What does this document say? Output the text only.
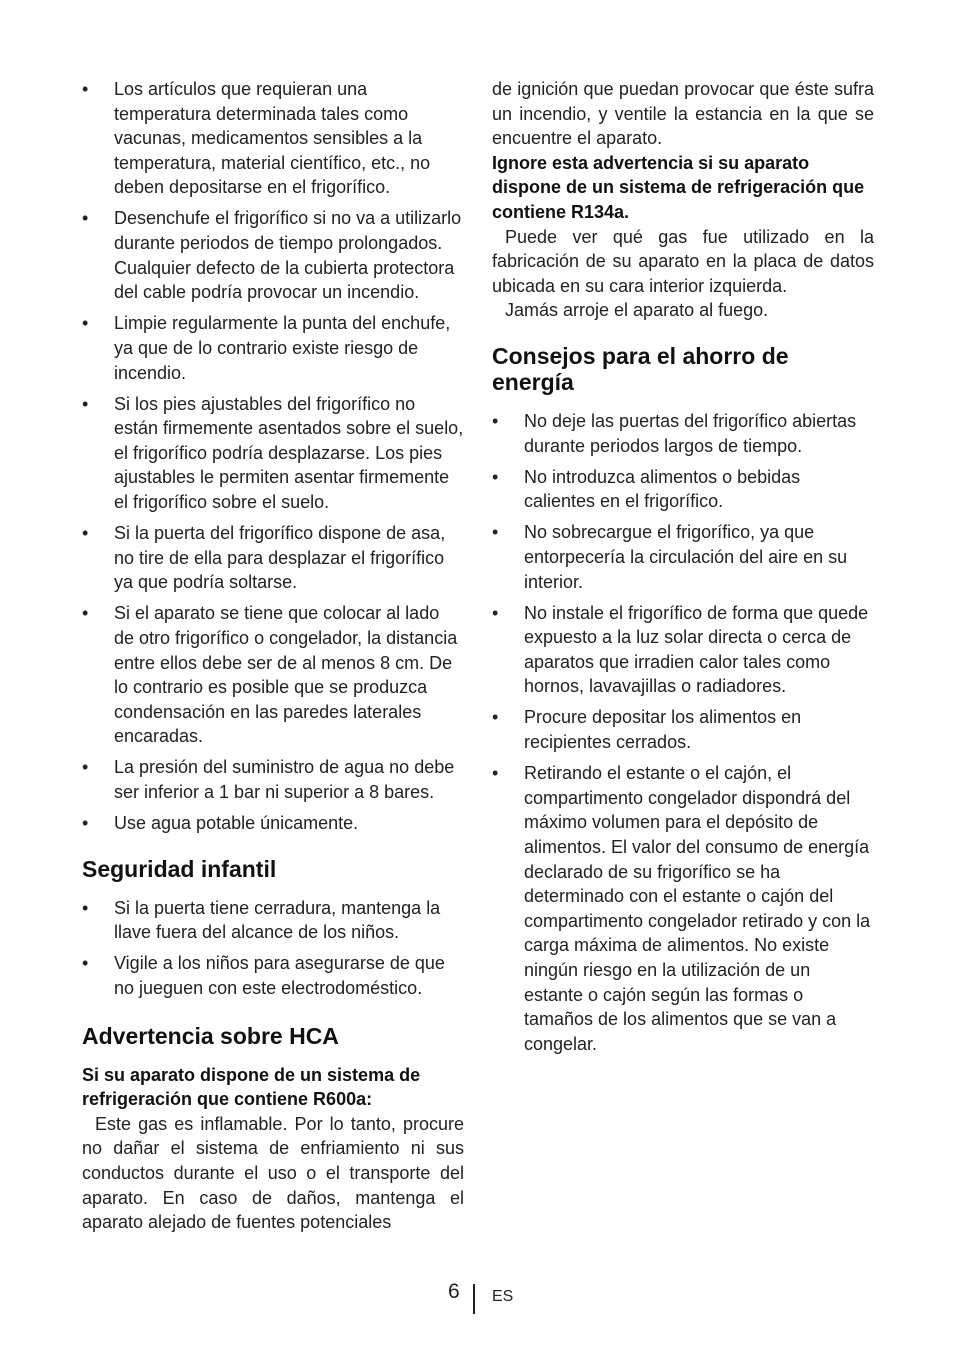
• Los artículos que requieran una temperatura determinada tales como vacunas, medicamentos sensibles a la temperatura, material científico, etc., no deben depositarse en el frigorífico.
• Desenchufe el frigorífico si no va a utilizarlo durante periodos de tiempo prolongados. Cualquier defecto de la cubierta protectora del cable podría provocar un incendio.
• Limpie regularmente la punta del enchufe, ya que de lo contrario existe riesgo de incendio.
• Si los pies ajustables del frigorífico no están firmemente asentados sobre el suelo, el frigorífico podría desplazarse. Los pies ajustables le permiten asentar firmemente el frigorífico sobre el suelo.
• Si la puerta del frigorífico dispone de asa, no tire de ella para desplazar el frigorífico ya que podría soltarse.
• Si el aparato se tiene que colocar al lado de otro frigorífico o congelador, la distancia entre ellos debe ser de al menos 8 cm. De lo contrario es posible que se produzca condensación en las paredes laterales encaradas.
• La presión del suministro de agua no debe ser inferior a 1 bar ni superior a 8 bares.
• Use agua potable únicamente.
Seguridad infantil
• Si la puerta tiene cerradura, mantenga la llave fuera del alcance de los niños.
• Vigile a los niños para asegurarse de que no jueguen con este electrodoméstico.
Advertencia sobre HCA

Si su aparato dispone de un sistema de refrigeración que contiene R600a:

Este gas es inflamable. Por lo tanto, procure no dañar el sistema de enfriamiento ni sus conductos durante el uso o el transporte del aparato. En caso de daños, mantenga el aparato alejado de fuentes potenciales

de ignición que puedan provocar que éste sufra un incendio, y ventile la estancia en la que se encuentre el aparato.

Ignore esta advertencia si su aparato dispone de un sistema de refrigeración que contiene R134a.

Puede ver qué gas fue utilizado en la fabricación de su aparato en la placa de datos ubicada en su cara interior izquierda.

Jamás arroje el aparato al fuego.

Consejos para el ahorro de energía
• No deje las puertas del frigorífico abiertas durante periodos largos de tiempo.
• No introduzca alimentos o bebidas calientes en el frigorífico.
• No sobrecargue el frigorífico, ya que entorpecería la circulación del aire en su interior.
• No instale el frigorífico de forma que quede expuesto a la luz solar directa o cerca de aparatos que irradien calor tales como hornos, lavavajillas o radiadores.
• Procure depositar los alimentos en recipientes cerrados.
• Retirando el estante o el cajón, el compartimento congelador dispondrá del máximo volumen para el depósito de alimentos. El valor del consumo de energía declarado de su frigorífico se ha determinado con el estante o cajón del compartimento congelador retirado y con la carga máxima de alimentos. No existe ningún riesgo en la utilización de un estante o cajón según las formas o tamaños de los alimentos que se van a congelar.
6 ES
